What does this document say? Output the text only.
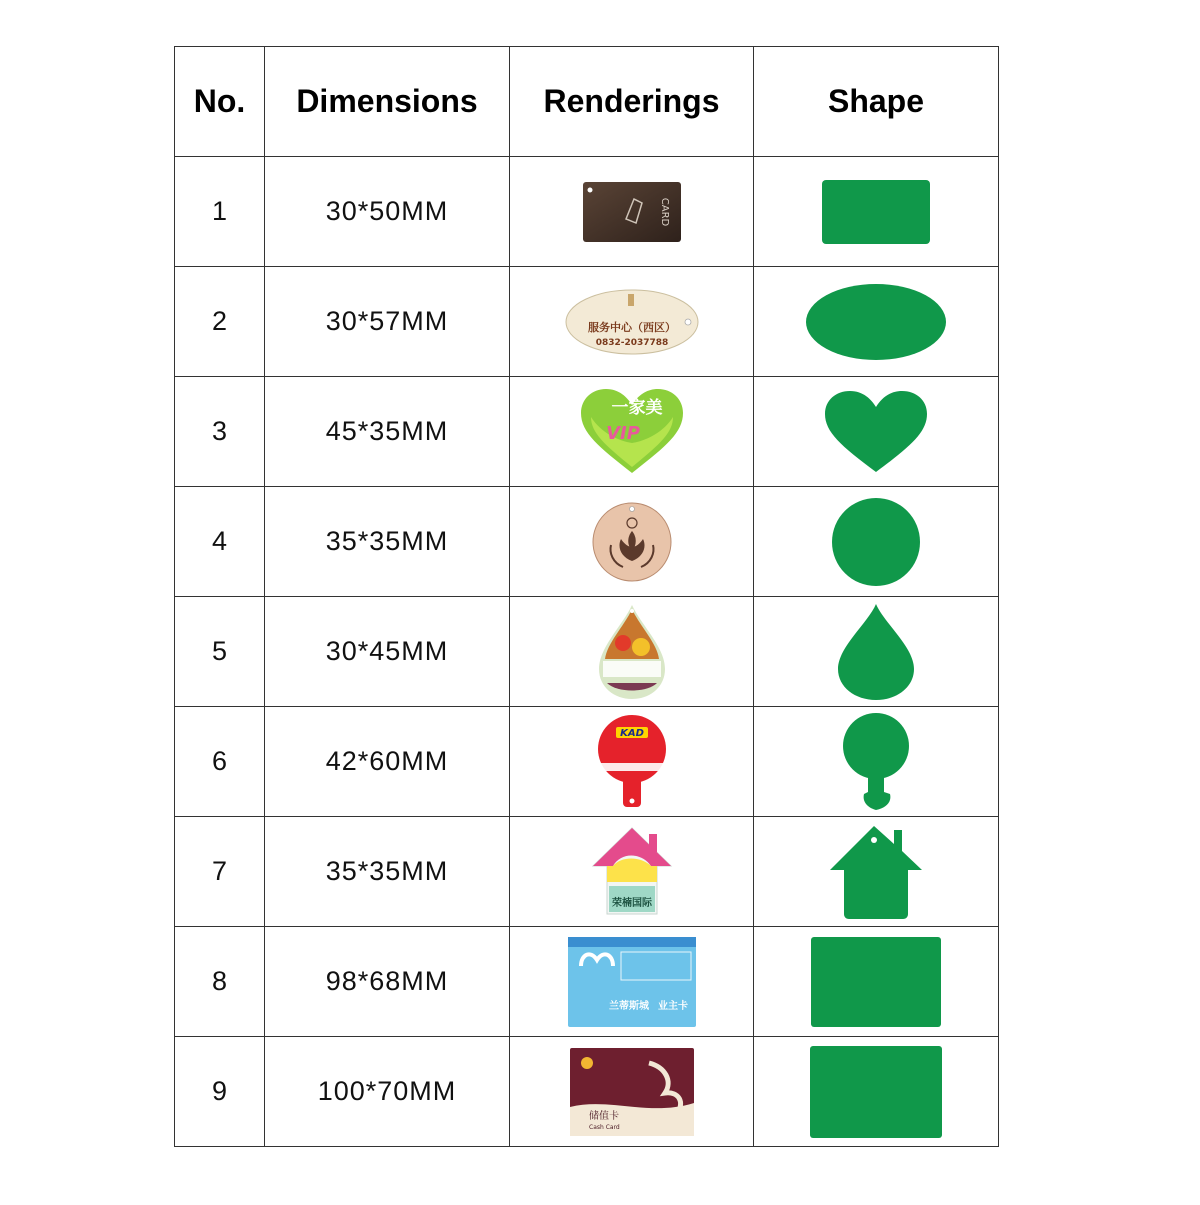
No.	Dimensions	Renderings	Shape
1	30*50MM	CARD

2	30*57MM	服务中心（西区）
0832-2037788

3	45*35MM	一家美
VIP

4	35*35MM	

5	30*45MM	

6	42*60MM	KAD

7	35*35MM	荣楠国际

8	98*68MM	兰蒂斯城 业主卡

9	100*70MM	储值卡
Cash Card
